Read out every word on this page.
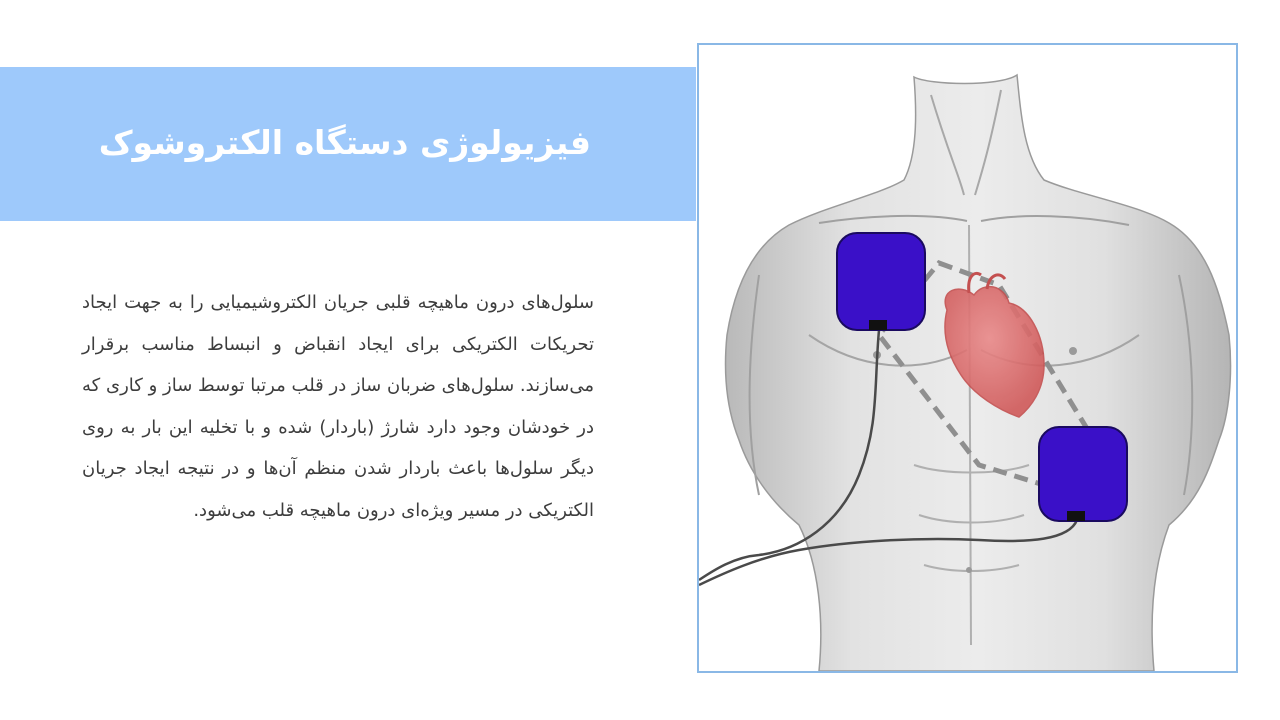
فیزیولوژی دستگاه الکتروشوک

سلول‌های درون ماهیچه قلبی جریان الکتروشیمیایی را به جهت ایجاد تحریکات الکتریکی برای ایجاد انقباض و انبساط مناسب برقرار می‌سازند. سلول‌های ضربان ساز در قلب مرتبا توسط ساز و کاری که در خودشان وجود دارد شارژ (باردار) شده و با تخلیه این بار به روی دیگر سلول‌ها باعث باردار شدن منظم آن‌ها و در نتیجه ایجاد جریان الکتریکی در مسیر ویژه‌ای درون ماهیچه قلب می‌شود.
